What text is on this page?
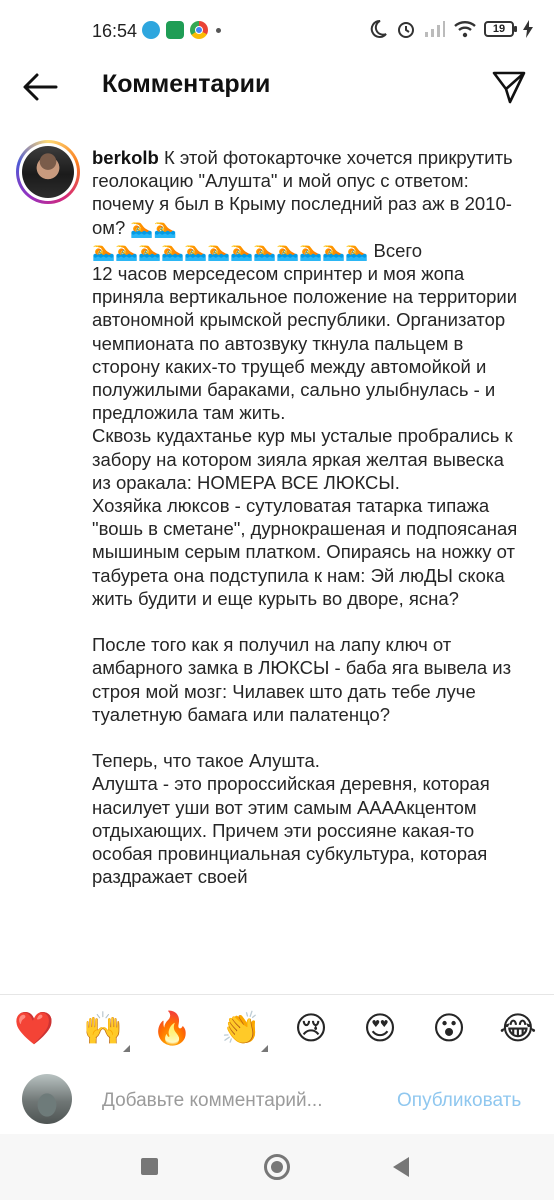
16:54	19
Комментарии
berkolb К этой фотокарточке хочется прикрутить геолокацию "Алушта" и мой опус с ответом: почему я был в Крыму последний раз аж в 2010-ом? 🏊🏊
🏊🏊🏊🏊🏊🏊🏊🏊🏊🏊🏊🏊 Всего
12 часов мерседесом спринтер и моя жопа приняла вертикальное положение на территории автономной крымской республики. Организатор чемпионата по автозвуку ткнула пальцем в сторону каких-то трущеб между автомойкой и полужилыми бараками, сально улыбнулась - и предложила там жить.
Сквозь кудахтанье кур мы усталые пробрались к забору на котором зияла яркая желтая вывеска из оракала: НОМЕРА ВСЕ ЛЮКСЫ.
Хозяйка люксов - сутуловатая татарка типажа "вошь в сметане", дурнокрашеная и подпоясаная мышиным серым платком. Опираясь на ножку от табурета она подступила к нам: Эй люДЫ скока жить будити и еще курыть во дворе, ясна?

После того как я получил на лапу ключ от амбарного замка в ЛЮКСЫ - баба яга вывела из строя мой мозг: Чилавек што дать тебе луче туалетную бамага или палатенцо?

Теперь, что такое Алушта.
Алушта - это пророссийская деревня, которая насилует уши вот этим самым ААААкцентом отдыхающих. Причем эти россияне какая-то особая провинциальная субкультура, которая раздражает своей
❤️ 🙌 🔥 👏 😢 😍 😮 😂
Добавьте комментарий...	Опубликовать
